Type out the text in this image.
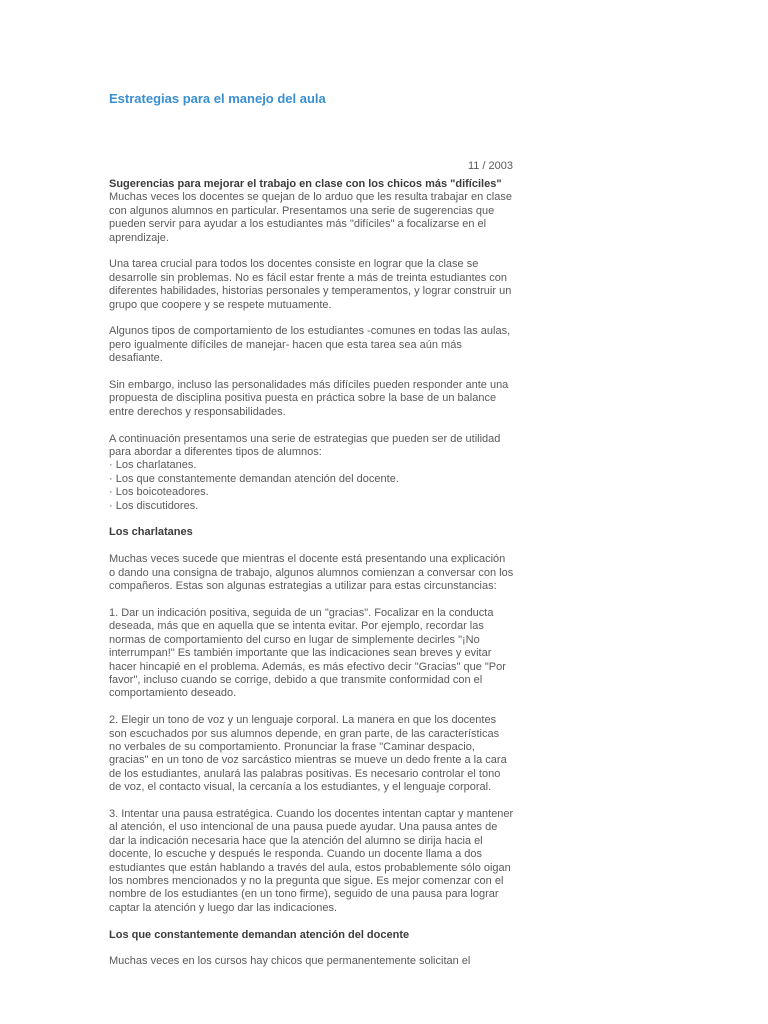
Estrategias para el manejo del aula

11 / 2003

Sugerencias para mejorar el trabajo en clase con los chicos más "difíciles"
Muchas veces los docentes se quejan de lo arduo que les resulta trabajar en clase con algunos alumnos en particular. Presentamos una serie de sugerencias que pueden servir para ayudar a los estudiantes más "difíciles" a focalizarse en el aprendizaje.

Una tarea crucial para todos los docentes consiste en lograr que la clase se desarrolle sin problemas. No es fácil estar frente a más de treinta estudiantes con diferentes habilidades, historias personales y temperamentos, y lograr construir un grupo que coopere y se respete mutuamente.

Algunos tipos de comportamiento de los estudiantes -comunes en todas las aulas, pero igualmente difíciles de manejar- hacen que esta tarea sea aún más desafiante.

Sin embargo, incluso las personalidades más difíciles pueden responder ante una propuesta de disciplina positiva puesta en práctica sobre la base de un balance entre derechos y responsabilidades.

A continuación presentamos una serie de estrategias que pueden ser de utilidad para abordar a diferentes tipos de alumnos:

· Los charlatanes.
· Los que constantemente demandan atención del docente.
· Los boicoteadores.
· Los discutidores.

Los charlatanes

Muchas veces sucede que mientras el docente está presentando una explicación o dando una consigna de trabajo, algunos alumnos comienzan a conversar con los compañeros. Estas son algunas estrategias a utilizar para estas circunstancias:

1. Dar un indicación positiva, seguida de un "gracias". Focalizar en la conducta deseada, más que en aquella que se intenta evitar. Por ejemplo, recordar las normas de comportamiento del curso en lugar de simplemente decirles "¡No interrumpan!" Es también importante que las indicaciones sean breves y evitar hacer hincapié en el problema. Además, es más efectivo decir "Gracias" que "Por favor", incluso cuando se corrige, debido a que transmite conformidad con el comportamiento deseado.

2. Elegir un tono de voz y un lenguaje corporal. La manera en que los docentes son escuchados por sus alumnos depende, en gran parte, de las características no verbales de su comportamiento. Pronunciar la frase "Caminar despacio, gracias" en un tono de voz sarcástico mientras se mueve un dedo frente a la cara de los estudiantes, anulará las palabras positivas. Es necesario controlar el tono de voz, el contacto visual, la cercanía a los estudiantes, y el lenguaje corporal.

3. Intentar una pausa estratégica. Cuando los docentes intentan captar y mantener al atención, el uso intencional de una pausa puede ayudar. Una pausa antes de dar la indicación necesaria hace que la atención del alumno se dirija hacia el docente, lo escuche y después le responda. Cuando un docente llama a dos estudiantes que están hablando a través del aula, estos probablemente sólo oigan los nombres mencionados y no la pregunta que sigue. Es mejor comenzar con el nombre de los estudiantes (en un tono firme), seguido de una pausa para lograr captar la atención y luego dar las indicaciones.

Los que constantemente demandan atención del docente

Muchas veces en los cursos hay chicos que permanentemente solicitan el
